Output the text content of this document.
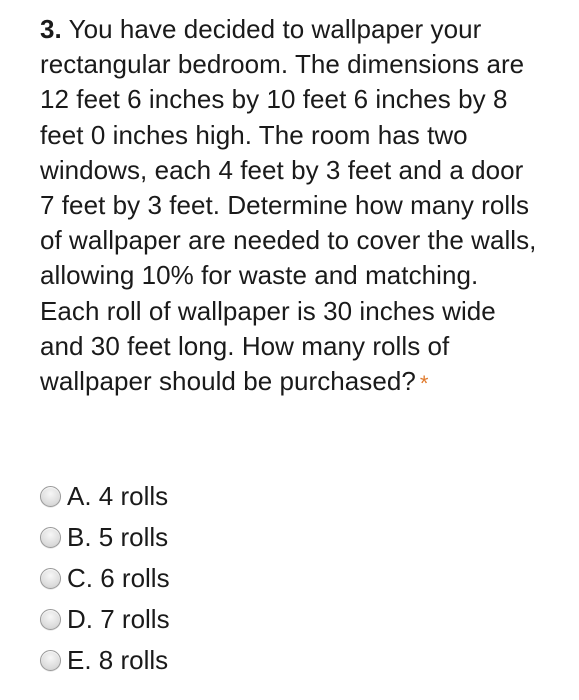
3. You have decided to wallpaper your rectangular bedroom. The dimensions are 12 feet 6 inches by 10 feet 6 inches by 8 feet 0 inches high. The room has two windows, each 4 feet by 3 feet and a door 7 feet by 3 feet. Determine how many rolls of wallpaper are needed to cover the walls, allowing 10% for waste and matching. Each roll of wallpaper is 30 inches wide and 30 feet long. How many rolls of wallpaper should be purchased? *
A. 4 rolls
B. 5 rolls
C. 6 rolls
D. 7 rolls
E. 8 rolls
